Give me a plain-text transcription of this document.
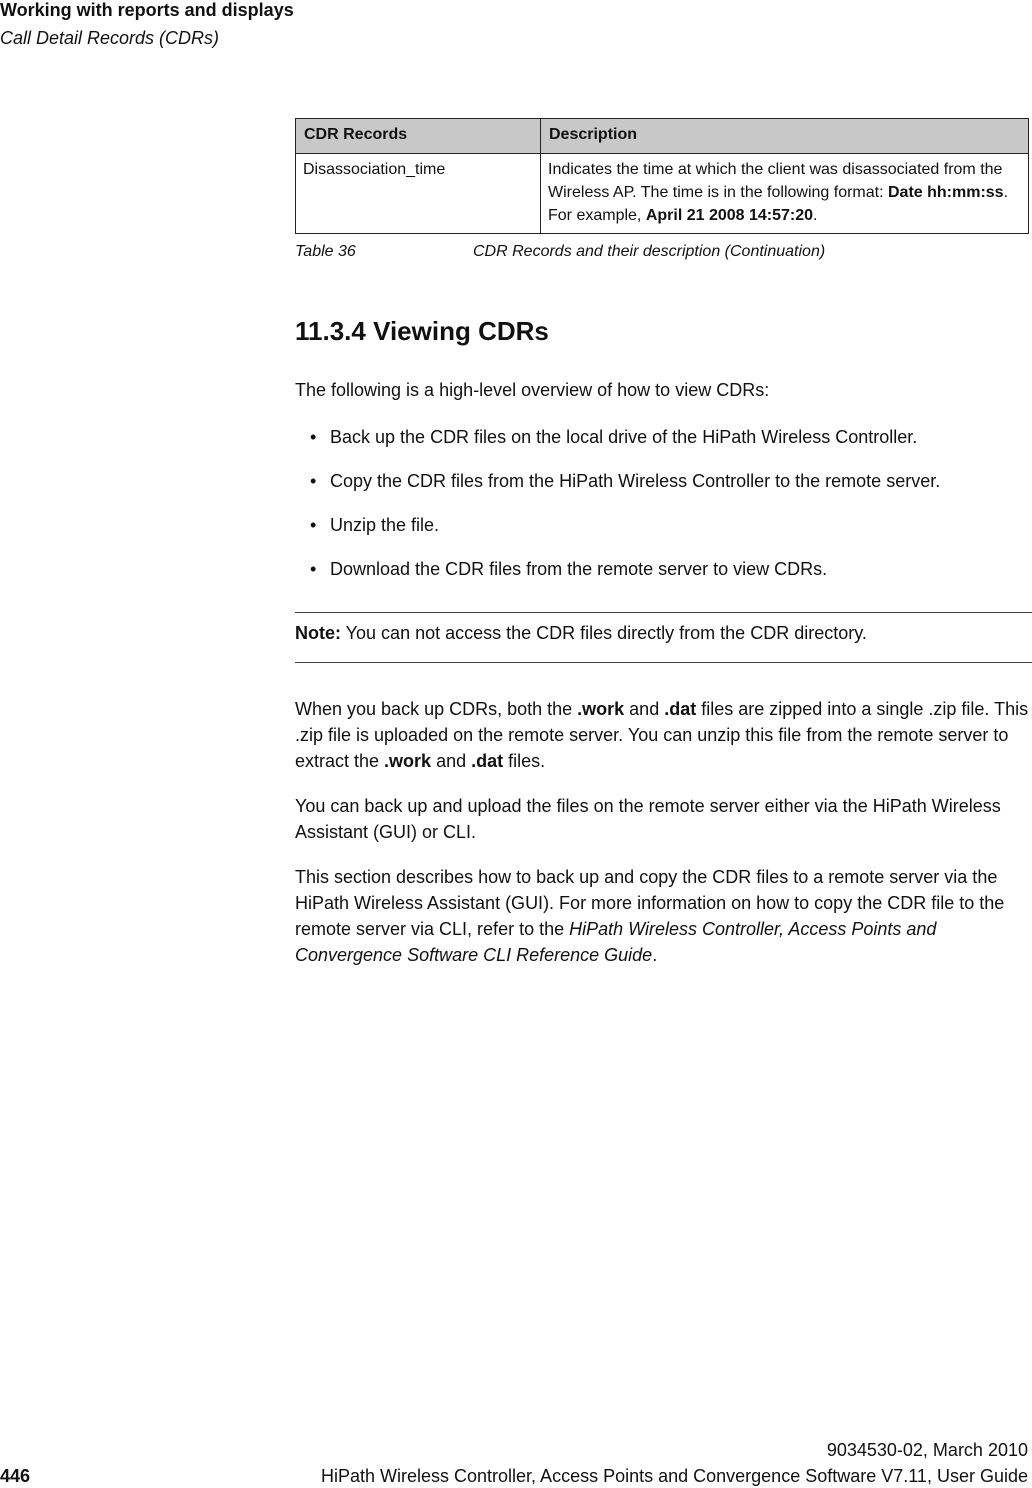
Working with reports and displays
Call Detail Records (CDRs)
CDR Records	Description
Disassociation_time	Indicates the time at which the client was disassociated from the Wireless AP. The time is in the following format: Date hh:mm:ss. For example, April 21 2008 14:57:20.
Table 36	CDR Records and their description (Continuation)
11.3.4 Viewing CDRs
The following is a high-level overview of how to view CDRs:
• Back up the CDR files on the local drive of the HiPath Wireless Controller.
• Copy the CDR files from the HiPath Wireless Controller to the remote server.
• Unzip the file.
• Download the CDR files from the remote server to view CDRs.
Note: You can not access the CDR files directly from the CDR directory.
When you back up CDRs, both the .work and .dat files are zipped into a single .zip file. This .zip file is uploaded on the remote server. You can unzip this file from the remote server to extract the .work and .dat files.
You can back up and upload the files on the remote server either via the HiPath Wireless Assistant (GUI) or CLI.
This section describes how to back up and copy the CDR files to a remote server via the HiPath Wireless Assistant (GUI). For more information on how to copy the CDR file to the remote server via CLI, refer to the HiPath Wireless Controller, Access Points and Convergence Software CLI Reference Guide.
9034530-02, March 2010
446	HiPath Wireless Controller, Access Points and Convergence Software V7.11, User Guide
